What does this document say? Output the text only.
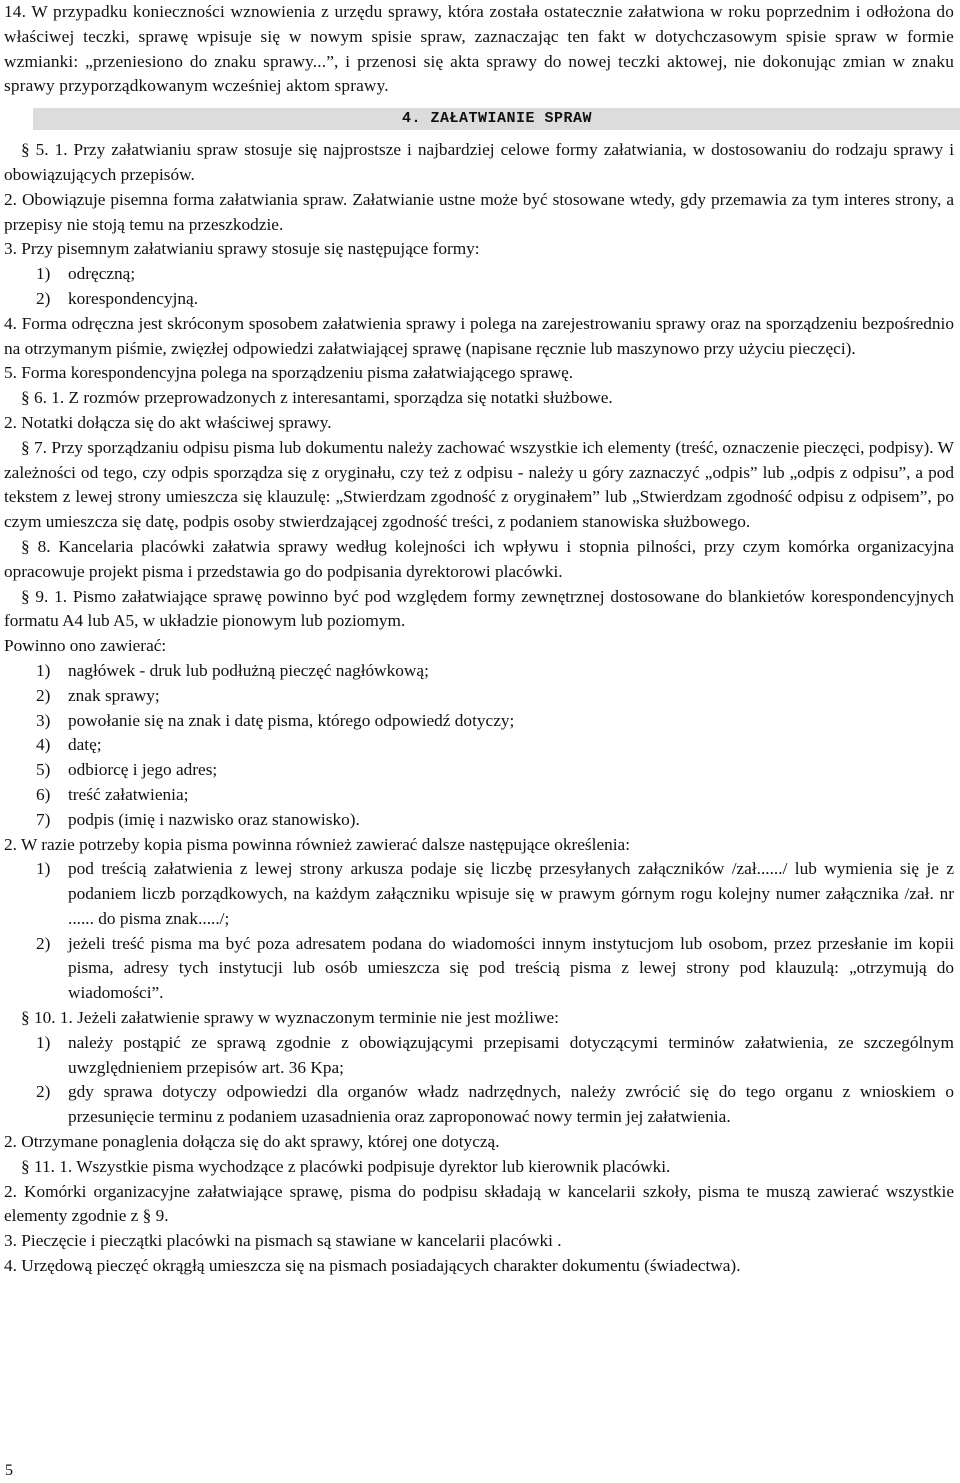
14. W przypadku konieczności wznowienia z urzędu sprawy, która została ostatecznie załatwiona w roku poprzednim i odłożona do właściwej teczki, sprawę wpisuje się w nowym spisie spraw, zaznaczając ten fakt w dotychczasowym spisie spraw w formie wzmianki: „przeniesiono do znaku sprawy...”, i przenosi się akta sprawy do nowej teczki aktowej, nie dokonując zmian w znaku sprawy przyporządkowanym wcześniej aktom sprawy.

4. ZAŁATWIANIE SPRAW

§ 5. 1. Przy załatwianiu spraw stosuje się najprostsze i najbardziej celowe formy załatwiania, w dostosowaniu do rodzaju sprawy i obowiązujących przepisów.

2. Obowiązuje pisemna forma załatwiania spraw. Załatwianie ustne może być stosowane wtedy, gdy przemawia za tym interes strony, a przepisy nie stoją temu na przeszkodzie.

3. Przy pisemnym załatwianiu sprawy stosuje się następujące formy:

1)	odręczną;
2)	korespondencyjną.

4. Forma odręczna jest skróconym sposobem załatwienia sprawy i polega na zarejestrowaniu sprawy oraz na sporządzeniu bezpośrednio na otrzymanym piśmie, zwięzłej odpowiedzi załatwiającej sprawę (napisane ręcznie lub maszynowo przy użyciu pieczęci).

5. Forma korespondencyjna polega na sporządzeniu pisma załatwiającego sprawę.

§ 6. 1. Z rozmów przeprowadzonych z interesantami, sporządza się notatki służbowe.

2. Notatki dołącza się do akt właściwej sprawy.

§ 7. Przy sporządzaniu odpisu pisma lub dokumentu należy zachować wszystkie ich elementy (treść, oznaczenie pieczęci, podpisy). W zależności od tego, czy odpis sporządza się z oryginału, czy też z odpisu - należy u góry zaznaczyć „odpis” lub „odpis z odpisu”, a pod tekstem z lewej strony umieszcza się klauzulę: „Stwierdzam zgodność z oryginałem” lub „Stwierdzam zgodność odpisu z odpisem”, po czym umieszcza się datę, podpis osoby stwierdzającej zgodność treści, z podaniem stanowiska służbowego.

§ 8. Kancelaria placówki załatwia sprawy według kolejności ich wpływu i stopnia pilności, przy czym komórka organizacyjna opracowuje projekt pisma i przedstawia go do podpisania dyrektorowi placówki.

§ 9. 1. Pismo załatwiające sprawę powinno być pod względem formy zewnętrznej dostosowane do blankietów korespondencyjnych formatu A4 lub A5, w układzie pionowym lub poziomym.

Powinno ono zawierać:

1)	nagłówek - druk lub podłużną pieczęć nagłówkową;
2)	znak sprawy;
3)	powołanie się na znak i datę pisma, którego odpowiedź dotyczy;
4)	datę;
5)	odbiorcę i jego adres;
6)	treść załatwienia;
7)	podpis (imię i nazwisko oraz stanowisko).

2. W razie potrzeby kopia pisma powinna również zawierać dalsze następujące określenia:

1)	pod treścią załatwienia z lewej strony arkusza podaje się liczbę przesyłanych załączników /zał....../ lub wymienia się je z podaniem liczb porządkowych, na każdym załączniku wpisuje się w prawym górnym rogu kolejny numer załącznika /zał. nr ...... do pisma znak...../;
2)	jeżeli treść pisma ma być poza adresatem podana do wiadomości innym instytucjom lub osobom, przez przesłanie im kopii pisma, adresy tych instytucji lub osób umieszcza się pod treścią pisma z lewej strony pod klauzulą: „otrzymują do wiadomości”.

§ 10. 1. Jeżeli załatwienie sprawy w wyznaczonym terminie nie jest możliwe:

1)	należy postąpić ze sprawą zgodnie z obowiązującymi przepisami dotyczącymi terminów załatwienia, ze szczególnym uwzględnieniem przepisów art. 36 Kpa;
2)	gdy sprawa dotyczy odpowiedzi dla organów władz nadrzędnych, należy zwrócić się do tego organu z wnioskiem o przesunięcie terminu z podaniem uzasadnienia oraz zaproponować nowy termin jej załatwienia.

2. Otrzymane ponaglenia dołącza się do akt sprawy, której one dotyczą.

§ 11. 1. Wszystkie pisma wychodzące z placówki podpisuje dyrektor lub kierownik placówki.

2. Komórki organizacyjne załatwiające sprawę, pisma do podpisu składają w kancelarii szkoły, pisma te muszą zawierać wszystkie elementy zgodnie z § 9.

3. Pieczęcie i pieczątki placówki na pismach są stawiane w kancelarii placówki .

4. Urzędową pieczęć okrągłą umieszcza się na pismach posiadających charakter dokumentu (świadectwa).

5
